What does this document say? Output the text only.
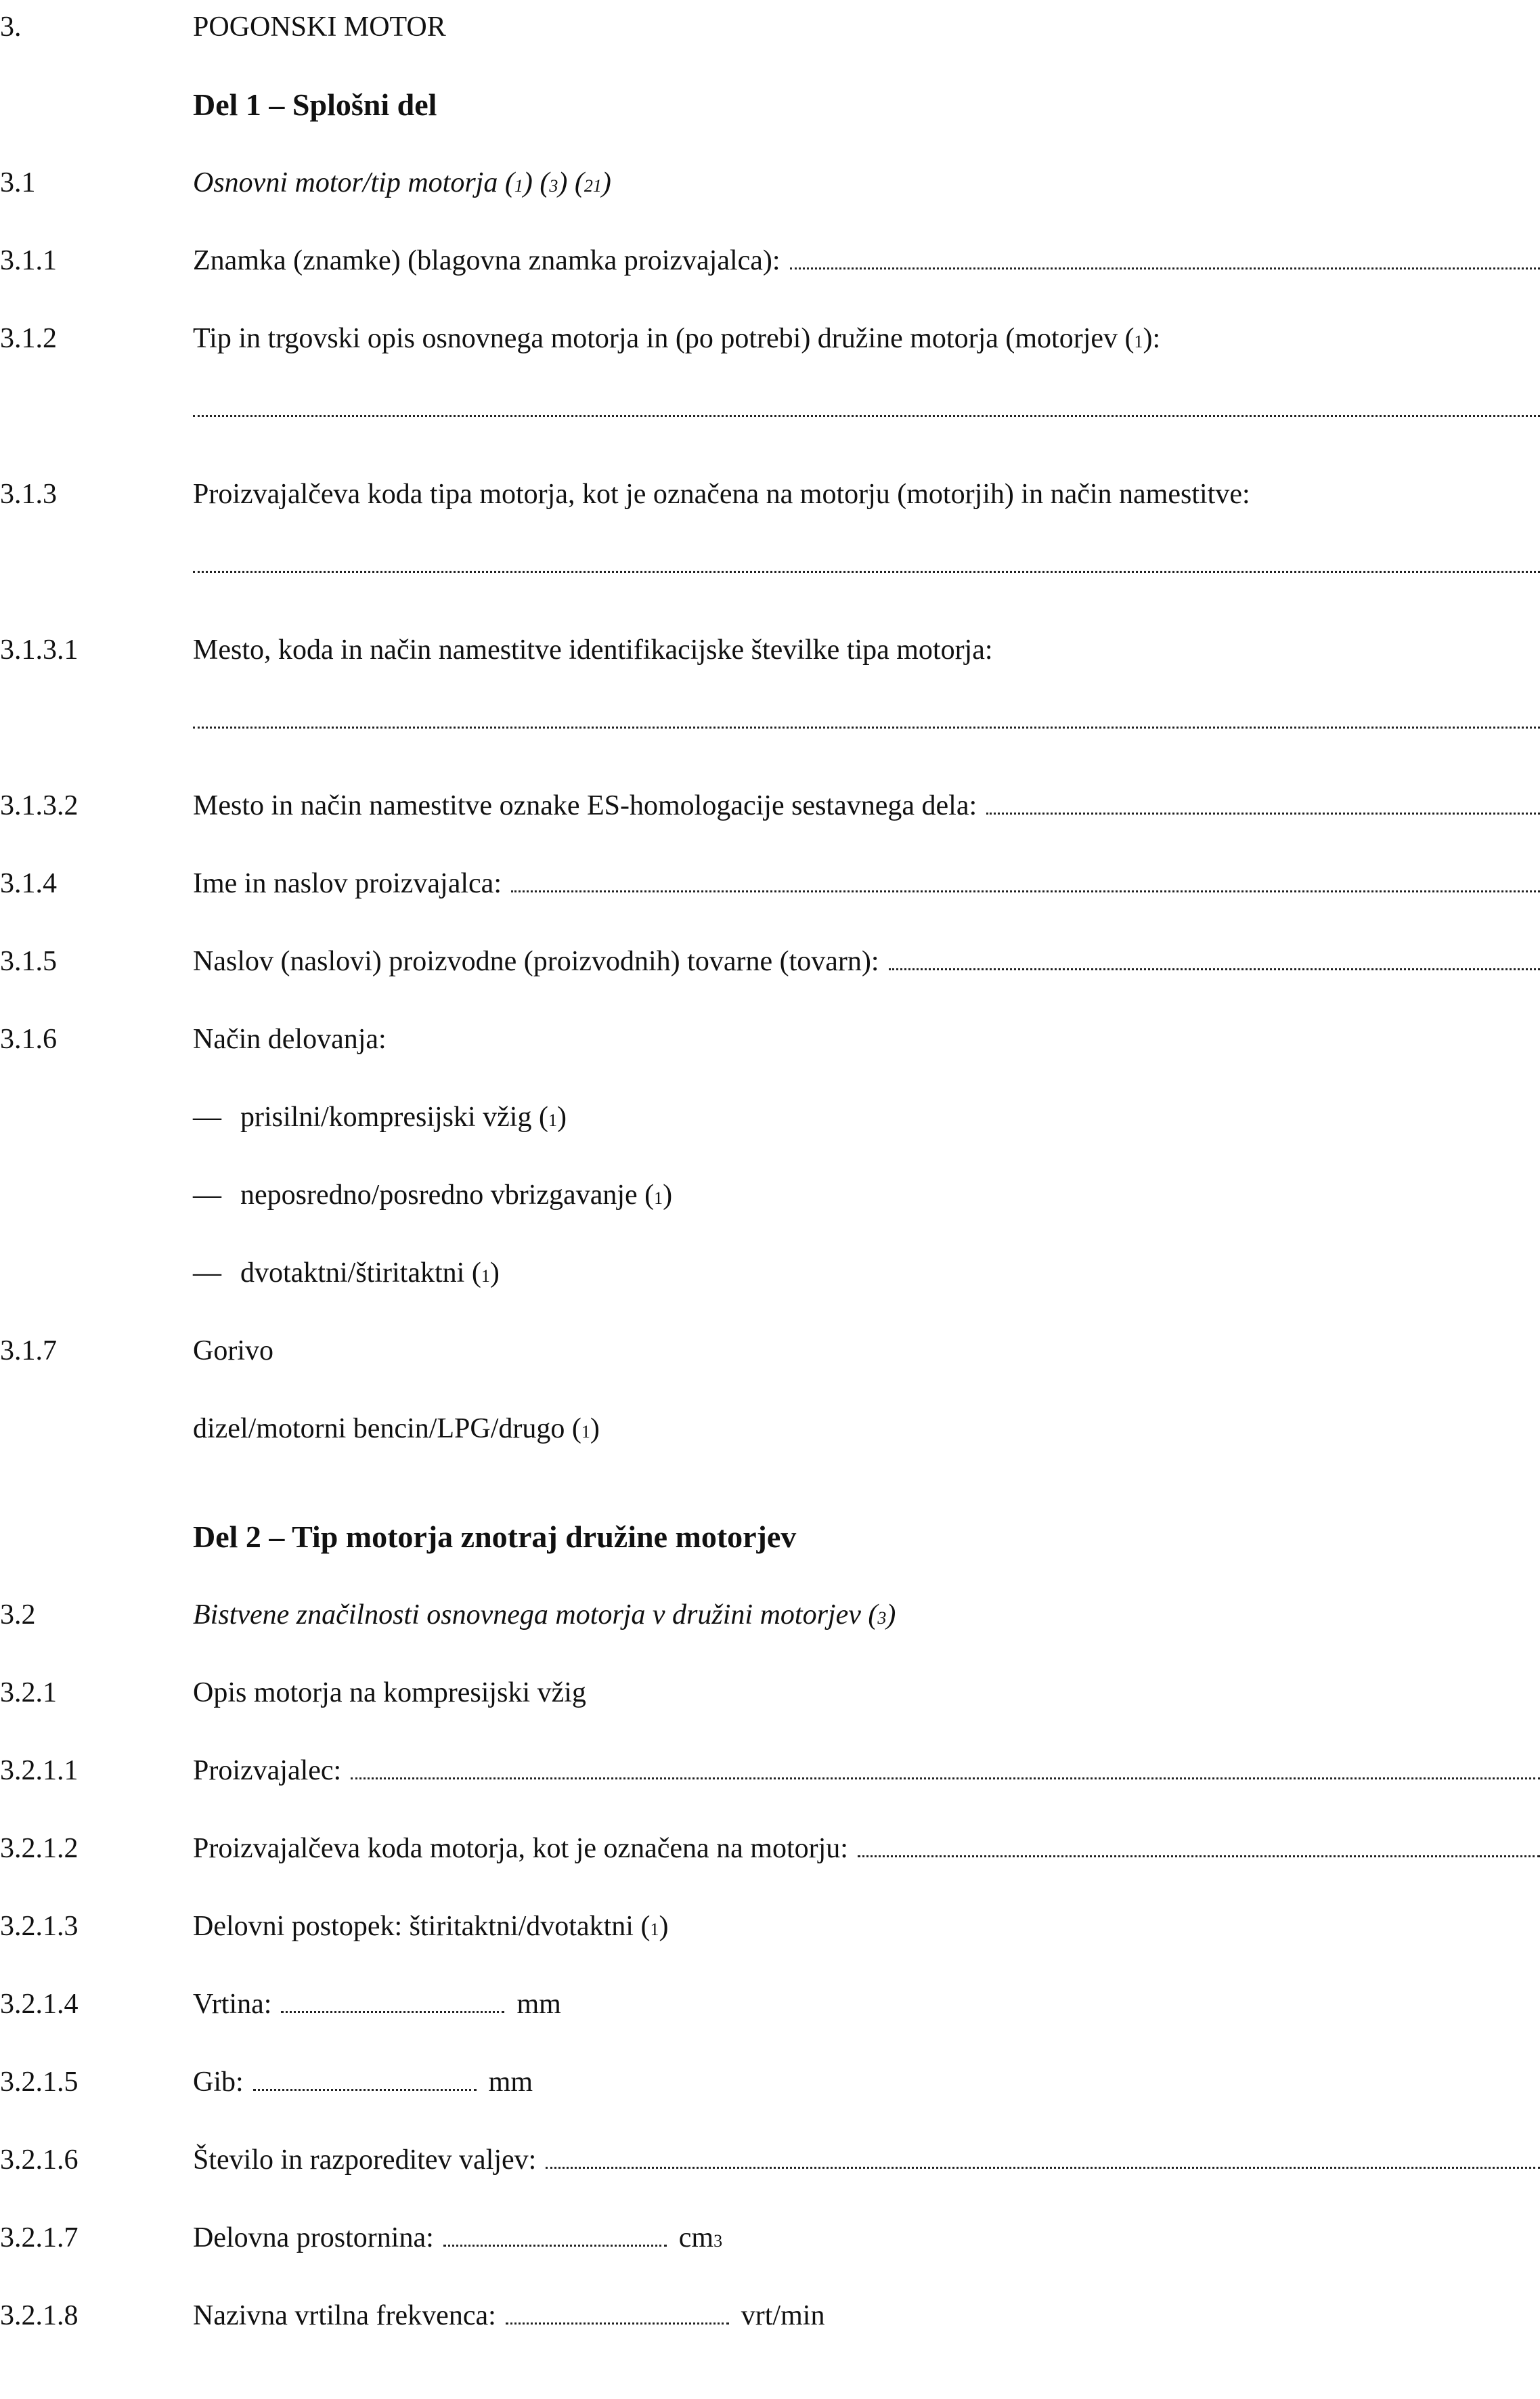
3.	POGONSKI MOTOR
Del 1 – Splošni del
3.1	Osnovni motor/tip motorja ( 1 ) ( 3 ) ( 21 )
3.1.1	Znamka (znamke) (blagovna znamka proizvajalca):
3.1.2	Tip in trgovski opis osnovnega motorja in (po potrebi) družine motorja (motorjev ( 1 ):
3.1.3	Proizvajalčeva koda tipa motorja, kot je označena na motorju (motorjih) in način namestitve:
3.1.3.1	Mesto, koda in način namestitve identifikacijske številke tipa motorja:
3.1.3.2	Mesto in način namestitve oznake ES-homologacije sestavnega dela:
3.1.4	Ime in naslov proizvajalca:
3.1.5	Naslov (naslovi) proizvodne (proizvodnih) tovarne (tovarn):
3.1.6	Način delovanja:
— prisilni/kompresijski vžig ( 1 )
— neposredno/posredno vbrizgavanje ( 1 )
— dvotaktni/štiritaktni ( 1 )
3.1.7	Gorivo
dizel/motorni bencin/LPG/drugo ( 1 )
Del 2 – Tip motorja znotraj družine motorjev
3.2	Bistvene značilnosti osnovnega motorja v družini motorjev ( 3 )
3.2.1	Opis motorja na kompresijski vžig
3.2.1.1	Proizvajalec:
3.2.1.2	Proizvajalčeva koda motorja, kot je označena na motorju:
3.2.1.3	Delovni postopek: štiritaktni/dvotaktni ( 1 )
3.2.1.4	Vrtina:	mm
3.2.1.5	Gib:	mm
3.2.1.6	Število in razporeditev valjev:
3.2.1.7	Delovna prostornina:	cm 3
3.2.1.8	Nazivna vrtilna frekvenca:	vrt/min
